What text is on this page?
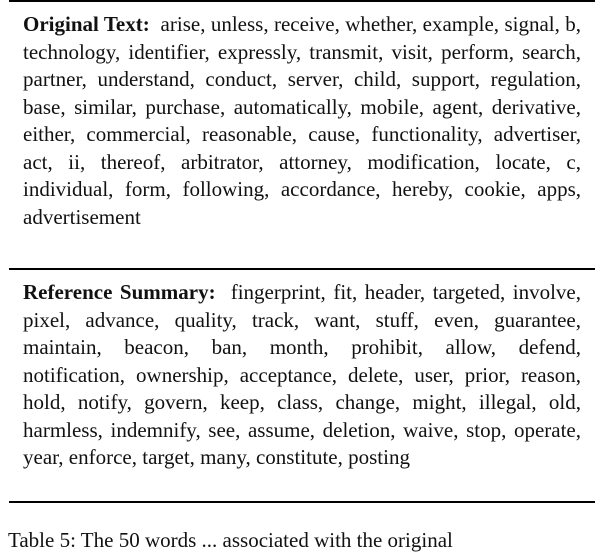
Original Text: arise, unless, receive, whether, example, signal, b, technology, identifier, expressly, transmit, visit, perform, search, partner, understand, conduct, server, child, support, regulation, base, similar, purchase, automatically, mobile, agent, derivative, either, commercial, reasonable, cause, functionality, advertiser, act, ii, thereof, arbitrator, attorney, modification, locate, c, individual, form, following, accordance, hereby, cookie, apps, advertisement
Reference Summary: fingerprint, fit, header, targeted, involve, pixel, advance, quality, track, want, stuff, even, guarantee, maintain, beacon, ban, month, prohibit, allow, defend, notification, ownership, acceptance, delete, user, prior, reason, hold, notify, govern, keep, class, change, might, illegal, old, harmless, indemnify, see, assume, deletion, waive, stop, operate, year, enforce, target, many, constitute, posting
Table 5: The 50 words ... associated with the original
